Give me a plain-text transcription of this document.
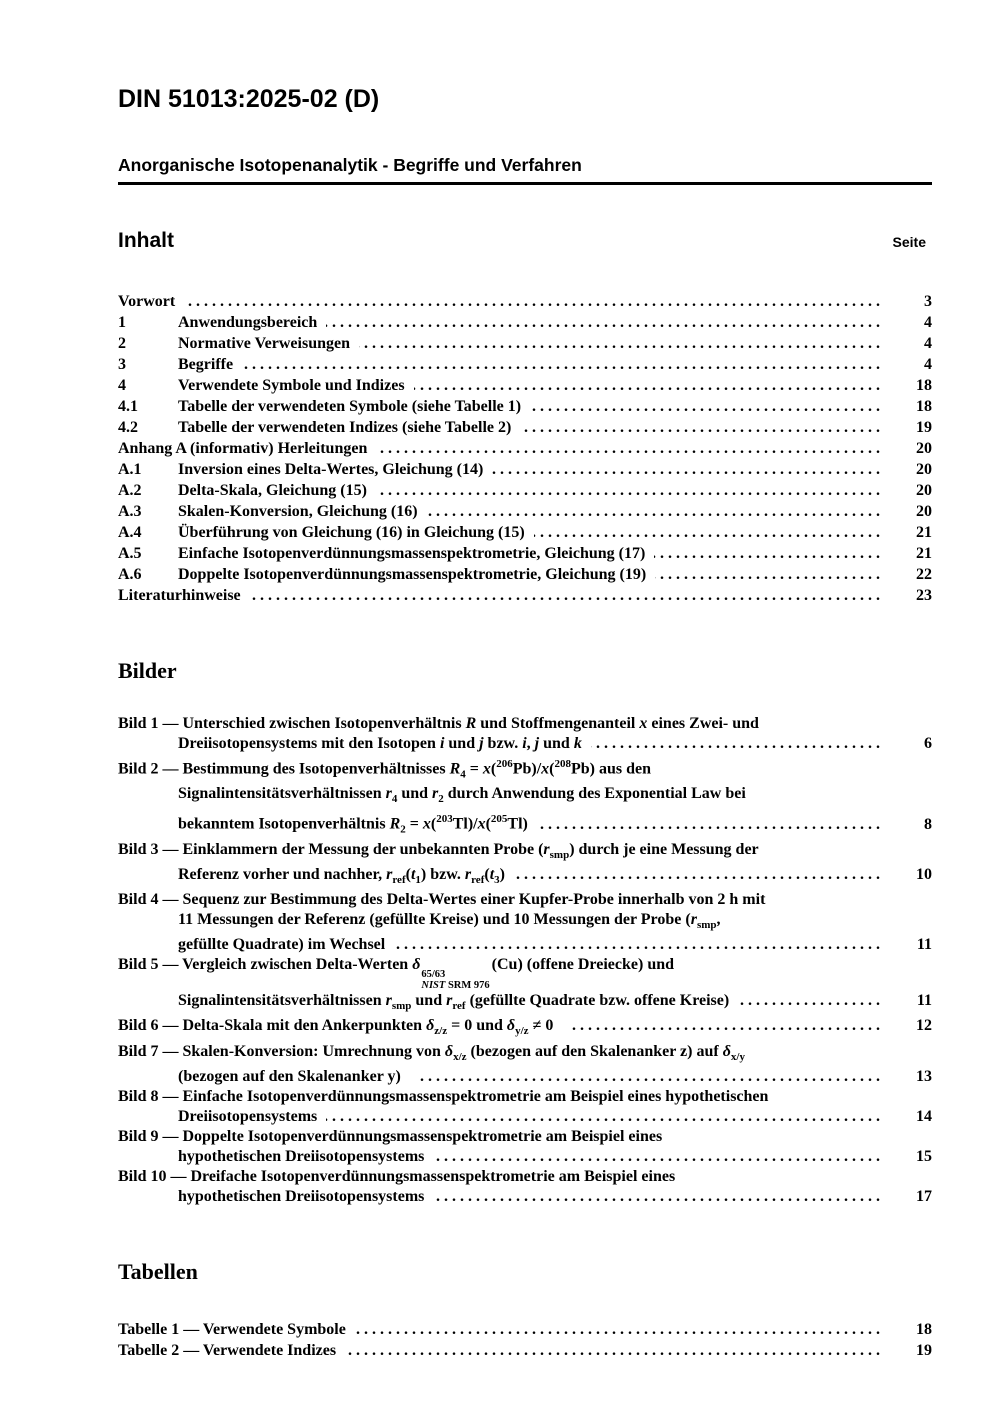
DIN 51013:2025-02 (D)
Anorganische Isotopenanalytik - Begriffe und Verfahren
Inhalt	Seite
Vorwort . .	3
1	Anwendungsbereich . .	4
2	Normative Verweisungen . .	4
3	Begriffe . .	4
4	Verwendete Symbole und Indizes . .	18
4.1	Tabelle der verwendeten Symbole (siehe Tabelle 1) . .	18
4.2	Tabelle der verwendeten Indizes (siehe Tabelle 2) . .	19
Anhang A (informativ) Herleitungen . .	20
A.1	Inversion eines Delta-Wertes, Gleichung (14) . .	20
A.2	Delta-Skala, Gleichung (15) . .	20
A.3	Skalen-Konversion, Gleichung (16) . .	20
A.4	Überführung von Gleichung (16) in Gleichung (15) . .	21
A.5	Einfache Isotopenverdünnungsmassenspektrometrie, Gleichung (17) . .	21
A.6	Doppelte Isotopenverdünnungsmassenspektrometrie, Gleichung (19) . .	22
Literaturhinweise . .	23
Bilder
Bild 1 — Unterschied zwischen Isotopenverhältnis R und Stoffmengenanteil x eines Zwei- und
Dreiisotopensystems mit den Isotopen i und j bzw. i, j und k . .	6
Bild 2 — Bestimmung des Isotopenverhältnisses $R_4 = x(^{206}Pb)/x(^{208}Pb)$ aus den
Signalintensitätsverhältnissen $r_4$ und $r_2$ durch Anwendung des Exponential Law bei
bekanntem Isotopenverhältnis $R_2 = x(^{203}Tl)/x(^{205}Tl)$ . .	8
Bild 3 — Einklammern der Messung der unbekannten Probe $(r_{smp})$ durch je eine Messung der
Referenz vorher und nachher, $r_{ref}(t_1)$ bzw. $r_{ref}(t_3)$ . .	10
Bild 4 — Sequenz zur Bestimmung des Delta-Wertes einer Kupfer-Probe innerhalb von 2 h mit
11 Messungen der Referenz (gefüllte Kreise) und 10 Messungen der Probe ($r_{smp}$,
gefüllte Quadrate) im Wechsel . .	11
Bild 5 — Vergleich zwischen Delta-Werten δ
65/63
NIST SRM 976
(Cu) (offene Dreiecke) und
Signalintensitätsverhältnissen $r_{smp}$ und $r_{ref}$ (gefüllte Quadrate bzw. offene Kreise) . .	11
Bild 6 — Delta-Skala mit den Ankerpunkten $\delta_{z/z} = 0$ und $\delta_{y/z} \ne 0$ . .	12
Bild 7 — Skalen-Konversion: Umrechnung von $\delta_{x/z}$ (bezogen auf den Skalenanker z) auf $\delta_{x/y}$
(bezogen auf den Skalenanker y) . .	13
Bild 8 — Einfache Isotopenverdünnungsmassenspektrometrie am Beispiel eines hypothetischen
Dreiisotopensystems . .	14
Bild 9 — Doppelte Isotopenverdünnungsmassenspektrometrie am Beispiel eines
hypothetischen Dreiisotopensystems . .	15
Bild 10 — Dreifache Isotopenverdünnungsmassenspektrometrie am Beispiel eines
hypothetischen Dreiisotopensystems . .	17
Tabellen
Tabelle 1 — Verwendete Symbole . .	18
Tabelle 2 — Verwendete Indizes . .	19
